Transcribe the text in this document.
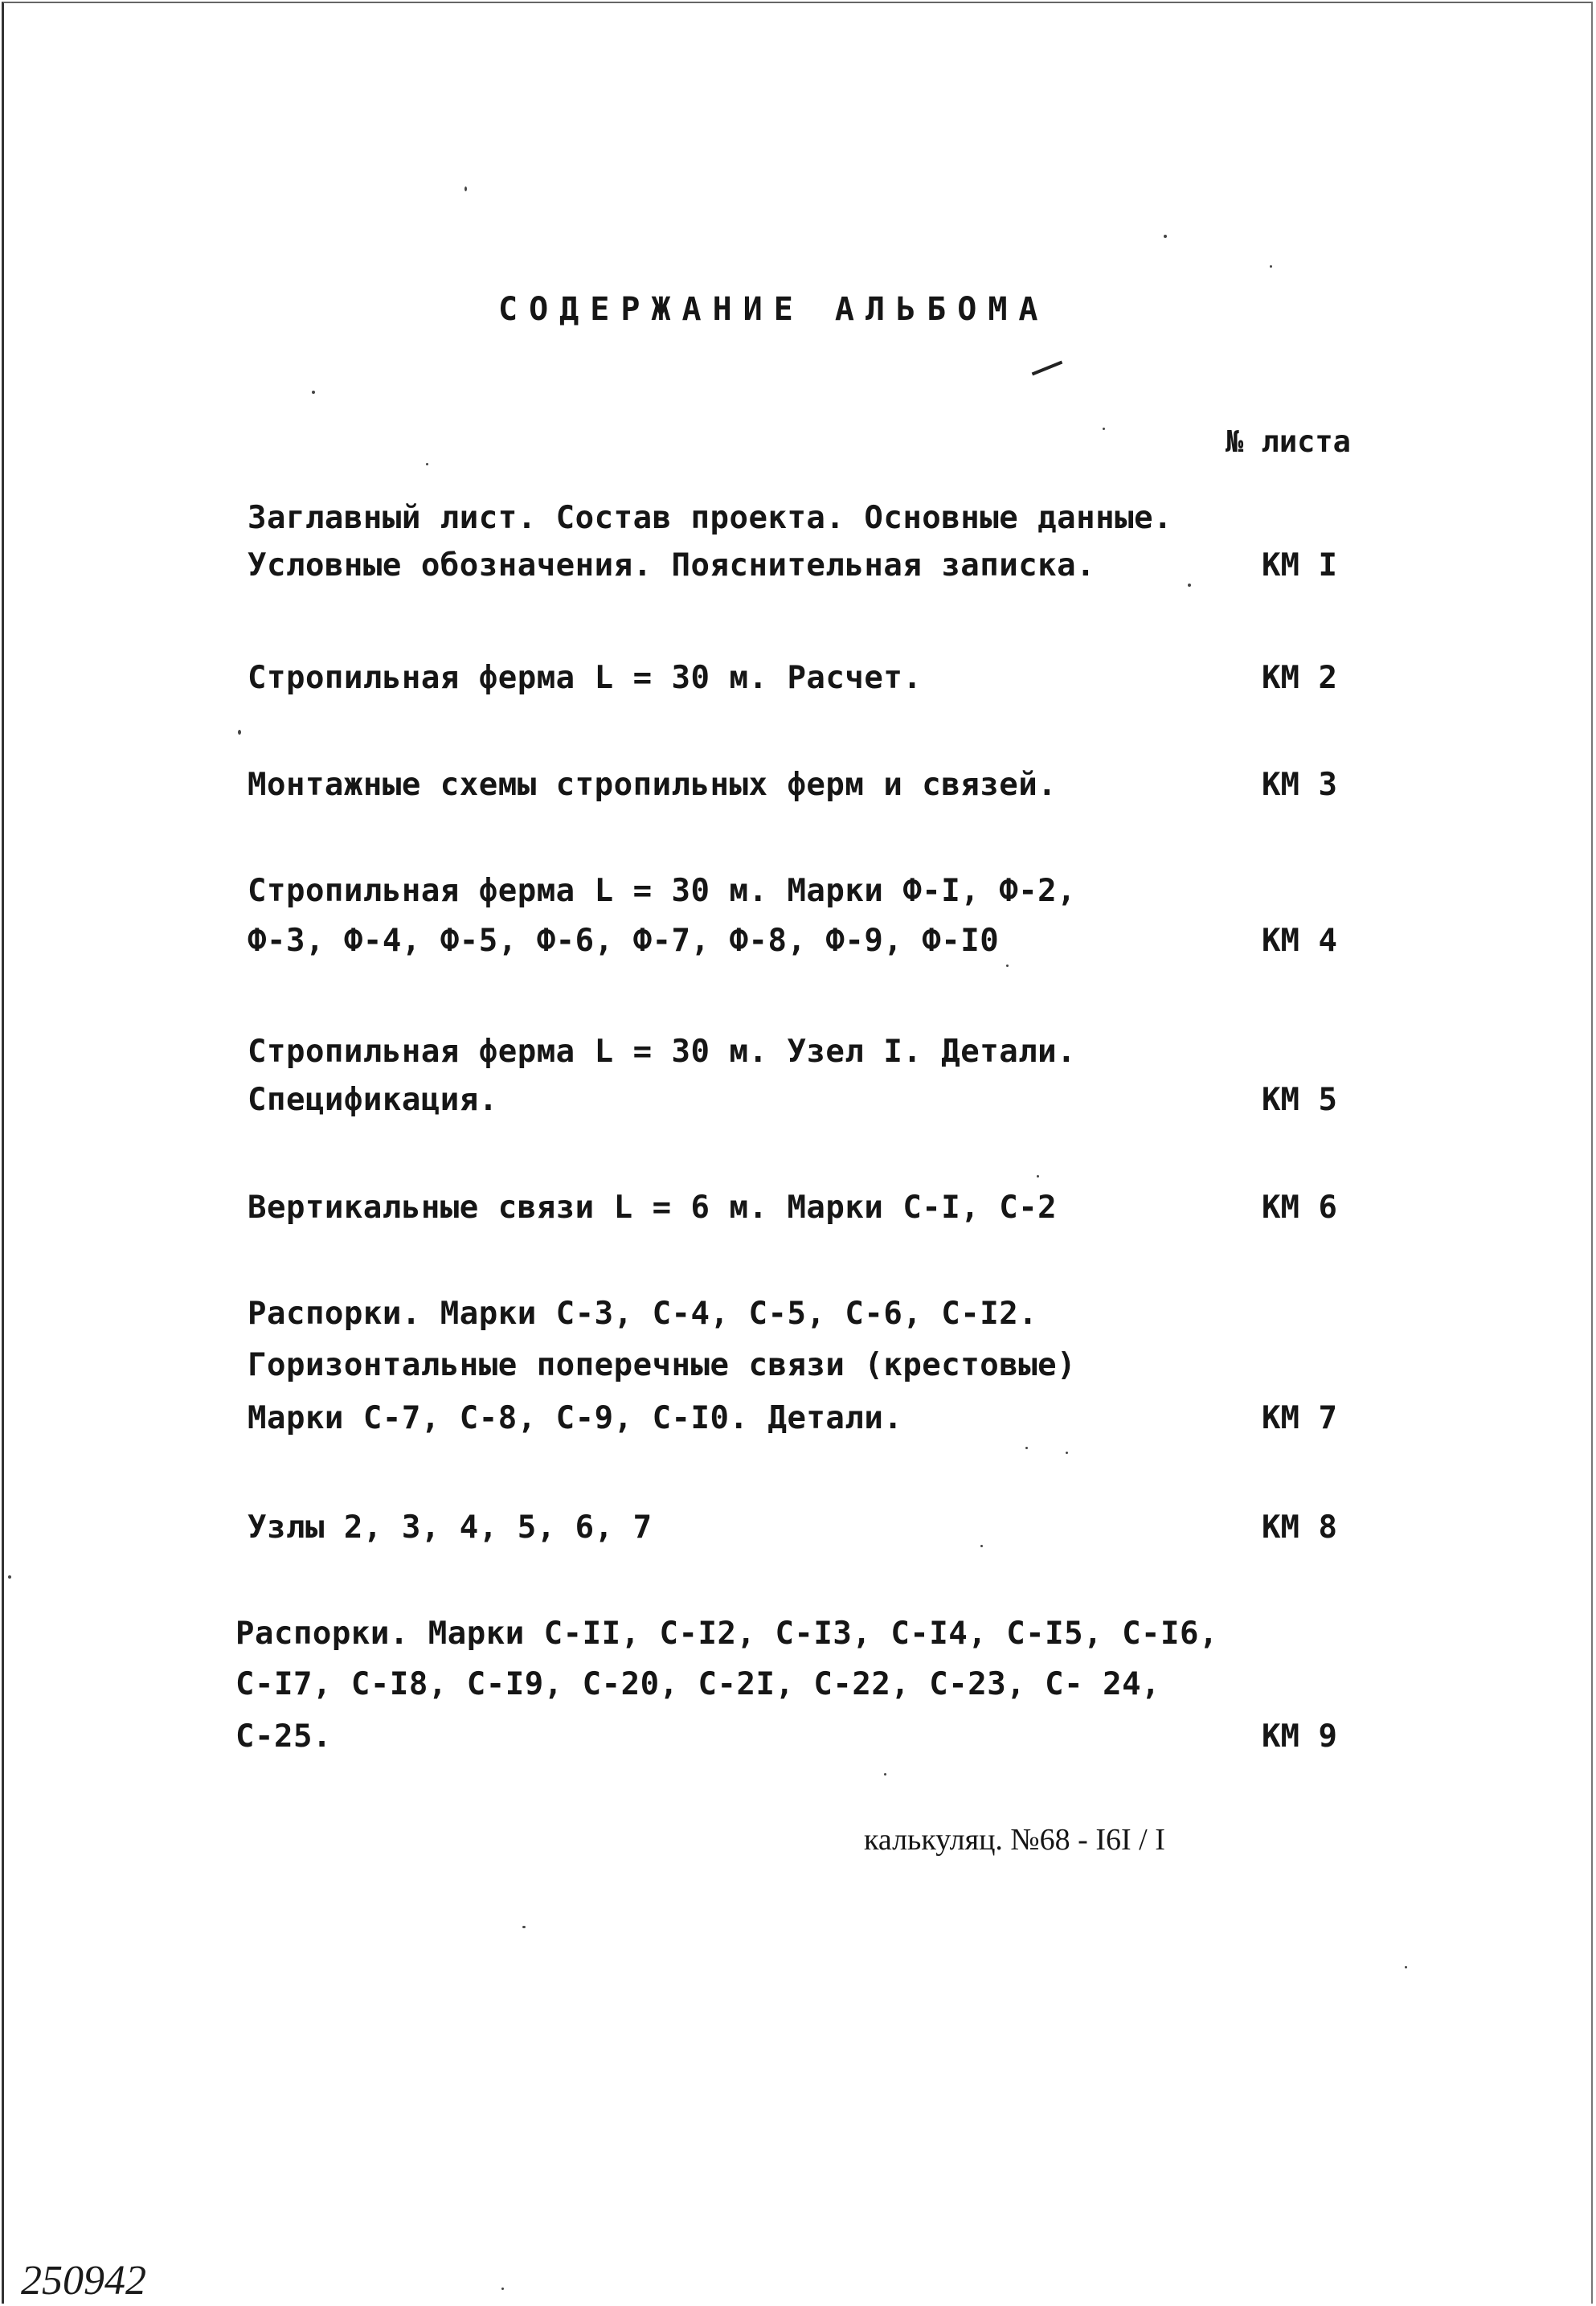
СОДЕРЖАНИЕ АЛЬБОМА
№ листа
Заглавный лист. Состав проекта. Основные данные.
Условные обозначения. Пояснительная записка.	КМ I
Стропильная ферма L = 30 м. Расчет.	КМ 2
Монтажные схемы стропильных ферм и связей.	КМ 3
Стропильная ферма L = 30 м. Марки Ф-I, Ф-2,
Ф-3, Ф-4, Ф-5, Ф-6, Ф-7, Ф-8, Ф-9, Ф-I0	КМ 4
Стропильная ферма L = 30 м. Узел I. Детали.
Спецификация.	КМ 5
Вертикальные связи L = 6 м. Марки С-I, С-2	КМ 6
Распорки. Марки С-3, С-4, С-5, С-6, С-I2.
Горизонтальные поперечные связи (крестовые)
Марки С-7, С-8, С-9, С-I0. Детали.	КМ 7
Узлы 2, 3, 4, 5, 6, 7	КМ 8
Распорки. Марки С-II, С-I2, С-I3, С-I4, С-I5, С-I6,
С-I7, С-I8, С-I9, С-20, С-2I, С-22, С-23, С- 24,
С-25.	КМ 9
калькуляц. №68 - I6I / I
250942
